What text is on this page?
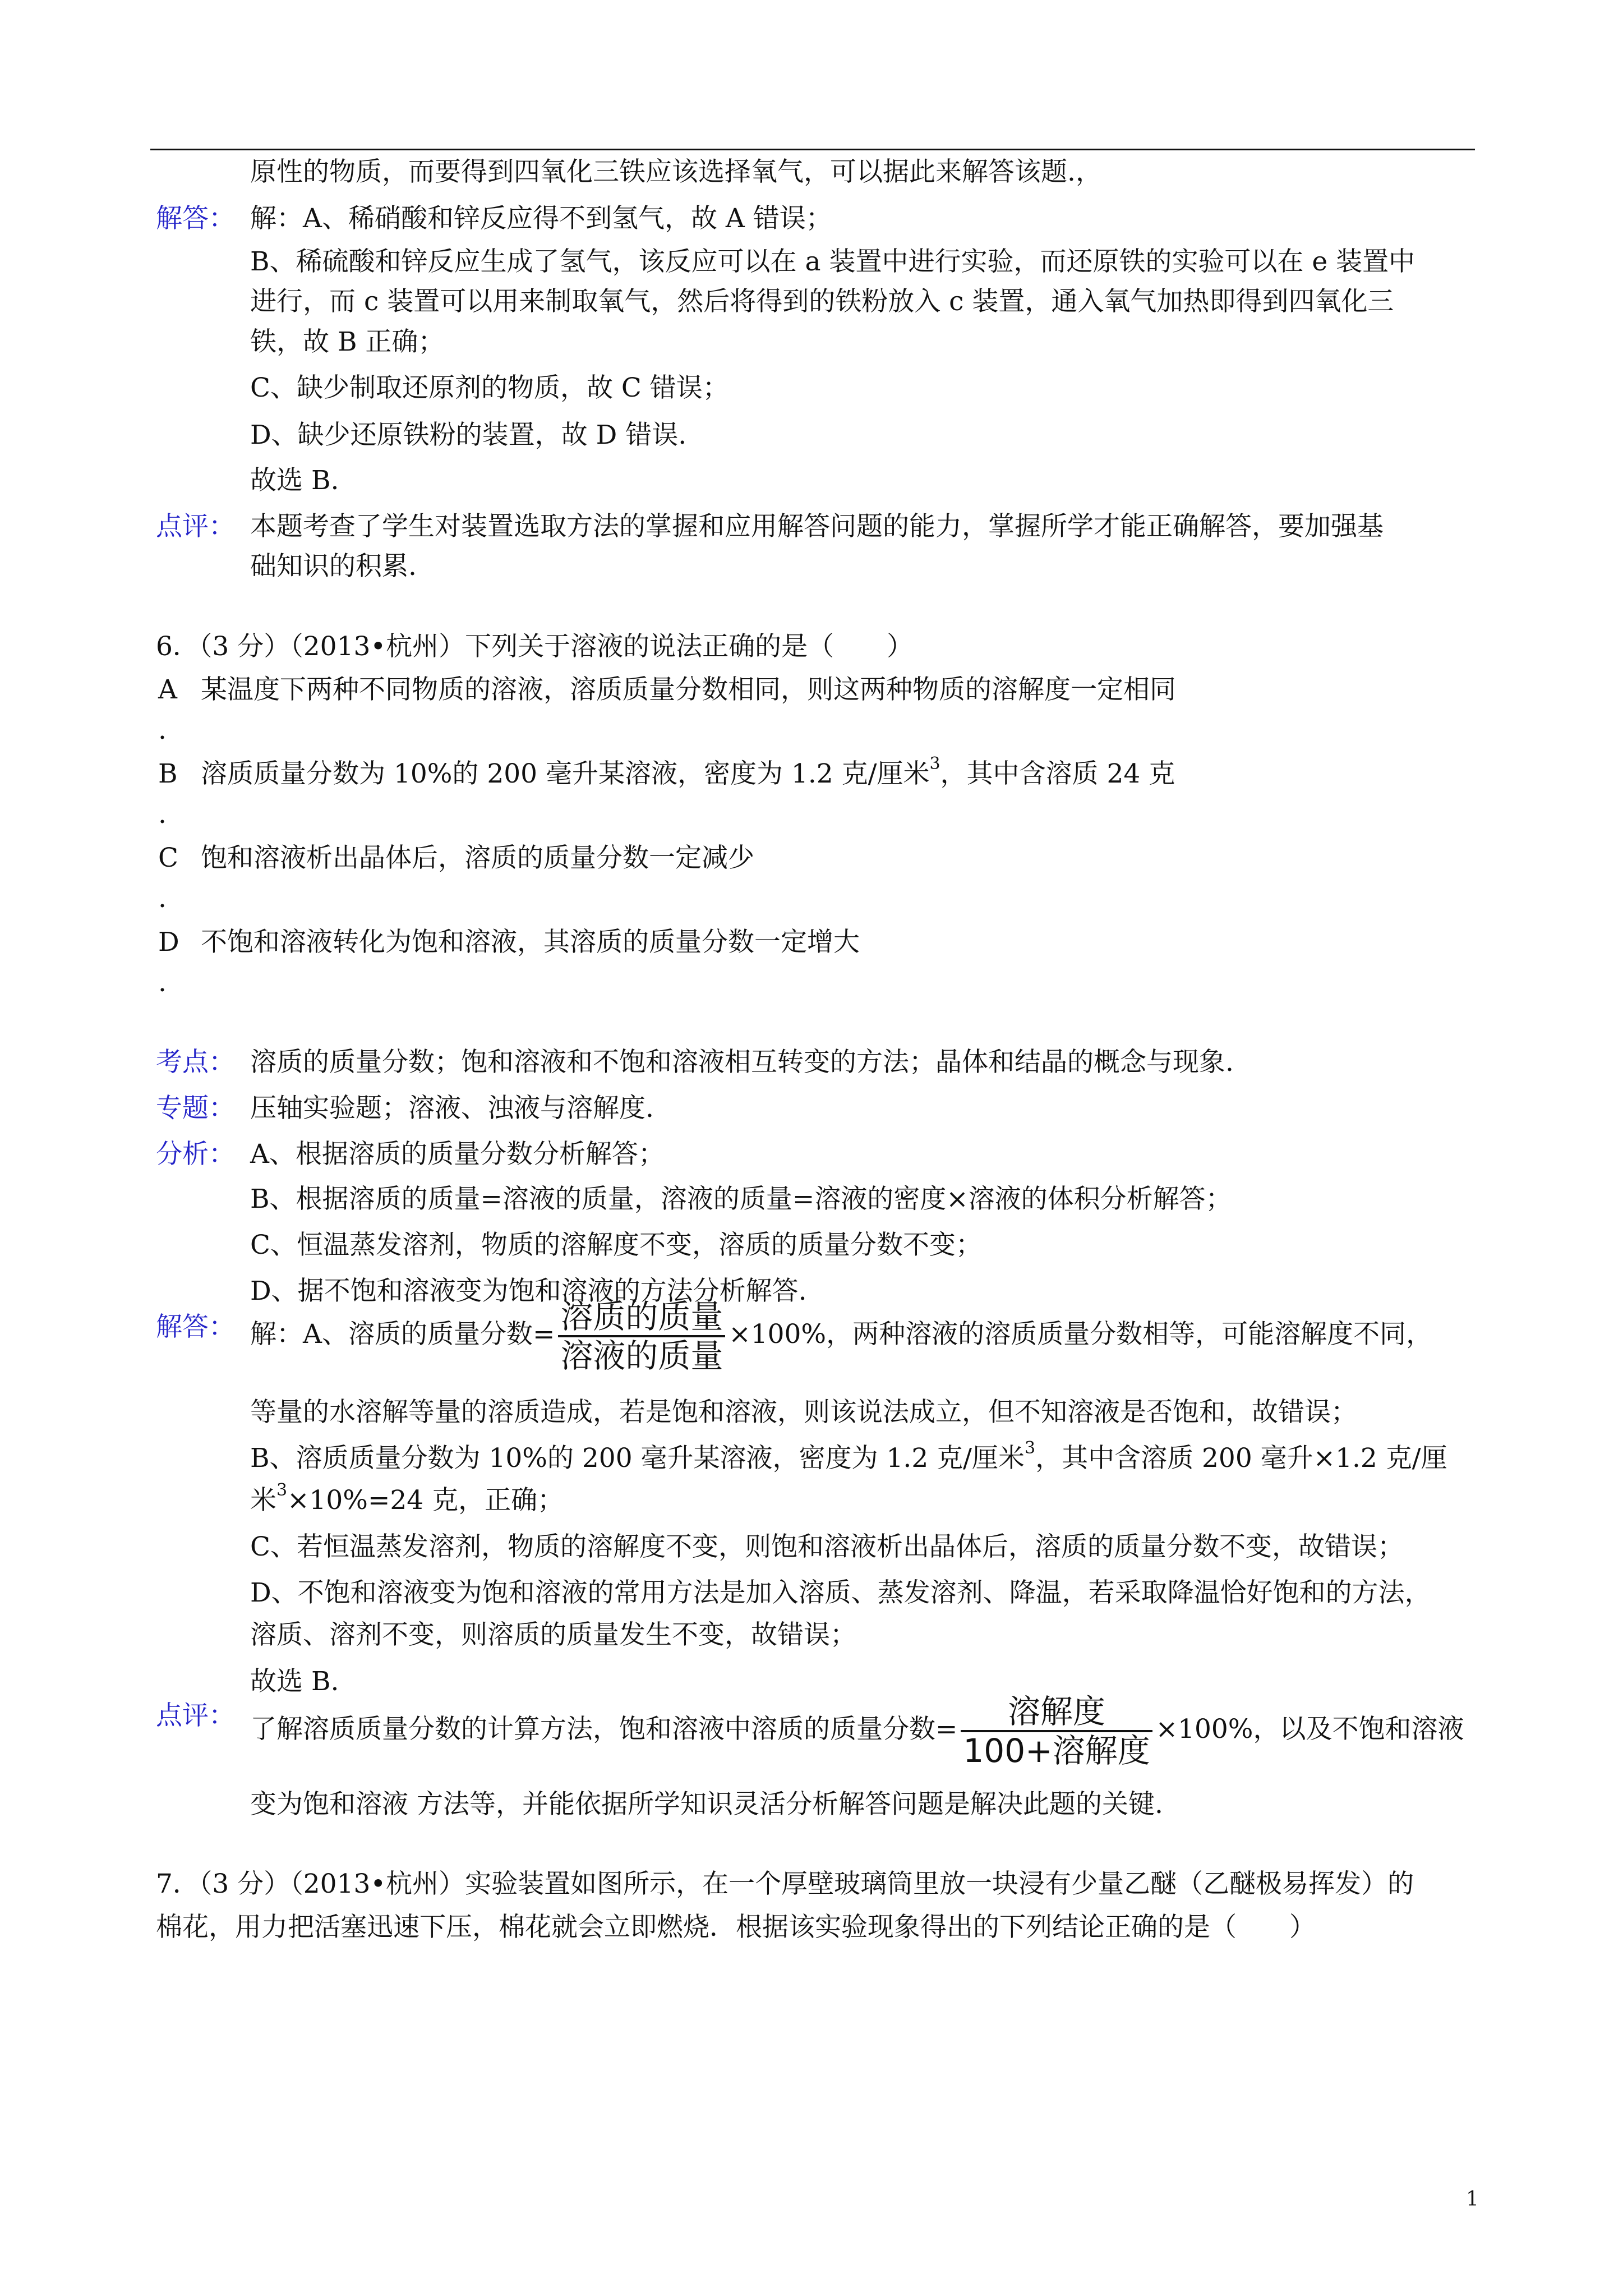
原性的物质，而要得到四氧化三铁应该选择氧气，可以据此来解答该题.，
解答： 解：A、稀硝酸和锌反应得不到氢气，故 A 错误；
B、稀硫酸和锌反应生成了氢气，该反应可以在 a 装置中进行实验，而还原铁的实验可以在 e 装置中
进行，而 c 装置可以用来制取氧气，然后将得到的铁粉放入 c 装置，通入氧气加热即得到四氧化三
铁，故 B 正确；
C、缺少制取还原剂的物质，故 C 错误；
D、缺少还原铁粉的装置，故 D 错误.
故选 B.
点评： 本题考查了学生对装置选取方法的掌握和应用解答问题的能力，掌握所学才能正确解答，要加强基
础知识的积累.
6．（3 分）（2013•杭州）下列关于溶液的说法正确的是（　　）
A 某温度下两种不同物质的溶液，溶质质量分数相同，则这两种物质的溶解度一定相同
.
B 溶质质量分数为 10%的 200 毫升某溶液，密度为 1.2 克/厘米$^3$，其中含溶质 24 克
.
C 饱和溶液析出晶体后，溶质的质量分数一定减少
.
D 不饱和溶液转化为饱和溶液，其溶质的质量分数一定增大
.
考点： 溶质的质量分数；饱和溶液和不饱和溶液相互转变的方法；晶体和结晶的概念与现象.
专题： 压轴实验题；溶液、浊液与溶解度.
分析： A、根据溶质的质量分数分析解答；
B、根据溶质的质量=溶液的质量，溶液的质量=溶液的密度×溶液的体积分析解答；
C、恒温蒸发溶剂，物质的溶解度不变，溶质的质量分数不变；
D、据不饱和溶液变为饱和溶液的方法分析解答.
解答： 解：A、溶质的质量分数= $\frac{\text{溶质的质量}}{\text{溶液的质量}} \times 100\%$，两种溶液的溶质质量分数相等，可能溶解度不同，
等量的水溶解等量的溶质造成，若是饱和溶液，则该说法成立，但不知溶液是否饱和，故错误；
B、溶质质量分数为 10%的 200 毫升某溶液，密度为 1.2 克/厘米$^3$，其中含溶质 200 毫升×1.2 克/厘
米$^3$×10%=24 克，正确；
C、若恒温蒸发溶剂，物质的溶解度不变，则饱和溶液析出晶体后，溶质的质量分数不变，故错误；
D、不饱和溶液变为饱和溶液的常用方法是加入溶质、蒸发溶剂、降温，若采取降温恰好饱和的方法，
溶质、溶剂不变，则溶质的质量发生不变，故错误；
故选 B.
点评： 了解溶质质量分数的计算方法，饱和溶液中溶质的质量分数= $\frac{\text{溶解度}}{\text{100+溶解度}} \times 100\%$，以及不饱和溶液
变为饱和溶液 方法等，并能依据所学知识灵活分析解答问题是解决此题的关键.
7．（3 分）（2013•杭州）实验装置如图所示，在一个厚壁玻璃筒里放一块浸有少量乙醚（乙醚极易挥发）的
棉花，用力把活塞迅速下压，棉花就会立即燃烧．根据该实验现象得出的下列结论正确的是（　　）
1
